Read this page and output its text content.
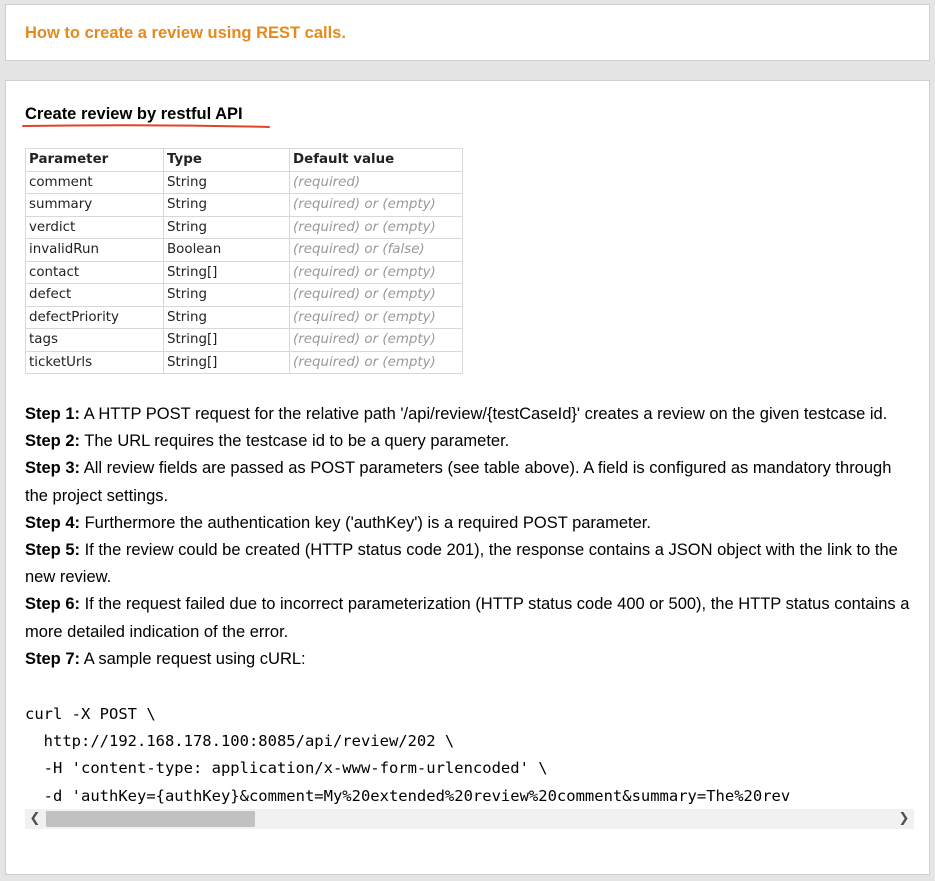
How to create a review using REST calls.
Create review by restful API
Parameter	Type	Default value
comment	String	(required)
summary	String	(required) or (empty)
verdict	String	(required) or (empty)
invalidRun	Boolean	(required) or (false)
contact	String[]	(required) or (empty)
defect	String	(required) or (empty)
defectPriority	String	(required) or (empty)
tags	String[]	(required) or (empty)
ticketUrls	String[]	(required) or (empty)
Step 1: A HTTP POST request for the relative path '/api/review/{testCaseId}' creates a review on the given testcase id.
Step 2: The URL requires the testcase id to be a query parameter.
Step 3: All review fields are passed as POST parameters (see table above). A field is configured as mandatory through the project settings.
Step 4: Furthermore the authentication key ('authKey') is a required POST parameter.
Step 5: If the review could be created (HTTP status code 201), the response contains a JSON object with the link to the new review.
Step 6: If the request failed due to incorrect parameterization (HTTP status code 400 or 500), the HTTP status contains a more detailed indication of the error.
Step 7: A sample request using cURL:
curl -X POST \
http://192.168.178.100:8085/api/review/202 \
-H 'content-type: application/x-www-form-urlencoded' \
-d 'authKey={authKey}&comment=My%20extended%20review%20comment&summary=The%20rev
❮	❯
